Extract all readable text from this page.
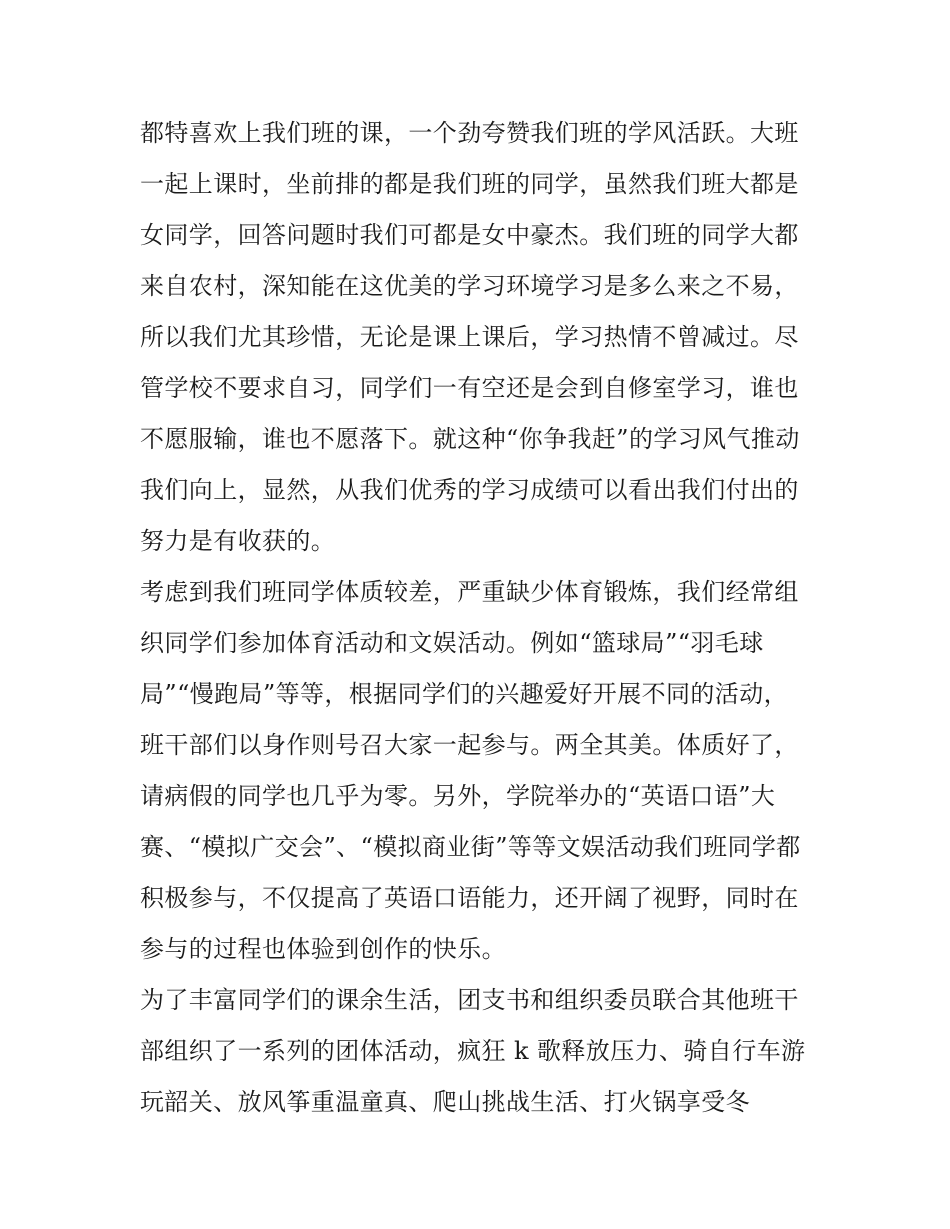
都特喜欢上我们班的课，一个劲夸赞我们班的学风活跃。大班
一起上课时，坐前排的都是我们班的同学，虽然我们班大都是
女同学，回答问题时我们可都是女中豪杰。我们班的同学大都
来自农村，深知能在这优美的学习环境学习是多么来之不易，
所以我们尤其珍惜，无论是课上课后，学习热情不曾减过。尽
管学校不要求自习，同学们一有空还是会到自修室学习，谁也
不愿服输，谁也不愿落下。就这种“你争我赶”的学习风气推动
我们向上，显然，从我们优秀的学习成绩可以看出我们付出的
努力是有收获的。
考虑到我们班同学体质较差，严重缺少体育锻炼，我们经常组
织同学们参加体育活动和文娱活动。例如“篮球局”“羽毛球
局”“慢跑局”等等，根据同学们的兴趣爱好开展不同的活动，
班干部们以身作则号召大家一起参与。两全其美。体质好了，
请病假的同学也几乎为零。另外，学院举办的“英语口语”大
赛、“模拟广交会”、“模拟商业街”等等文娱活动我们班同学都
积极参与，不仅提高了英语口语能力，还开阔了视野，同时在
参与的过程也体验到创作的快乐。
为了丰富同学们的课余生活，团支书和组织委员联合其他班干
部组织了一系列的团体活动，疯狂 k 歌释放压力、骑自行车游
玩韶关、放风筝重温童真、爬山挑战生活、打火锅享受冬
